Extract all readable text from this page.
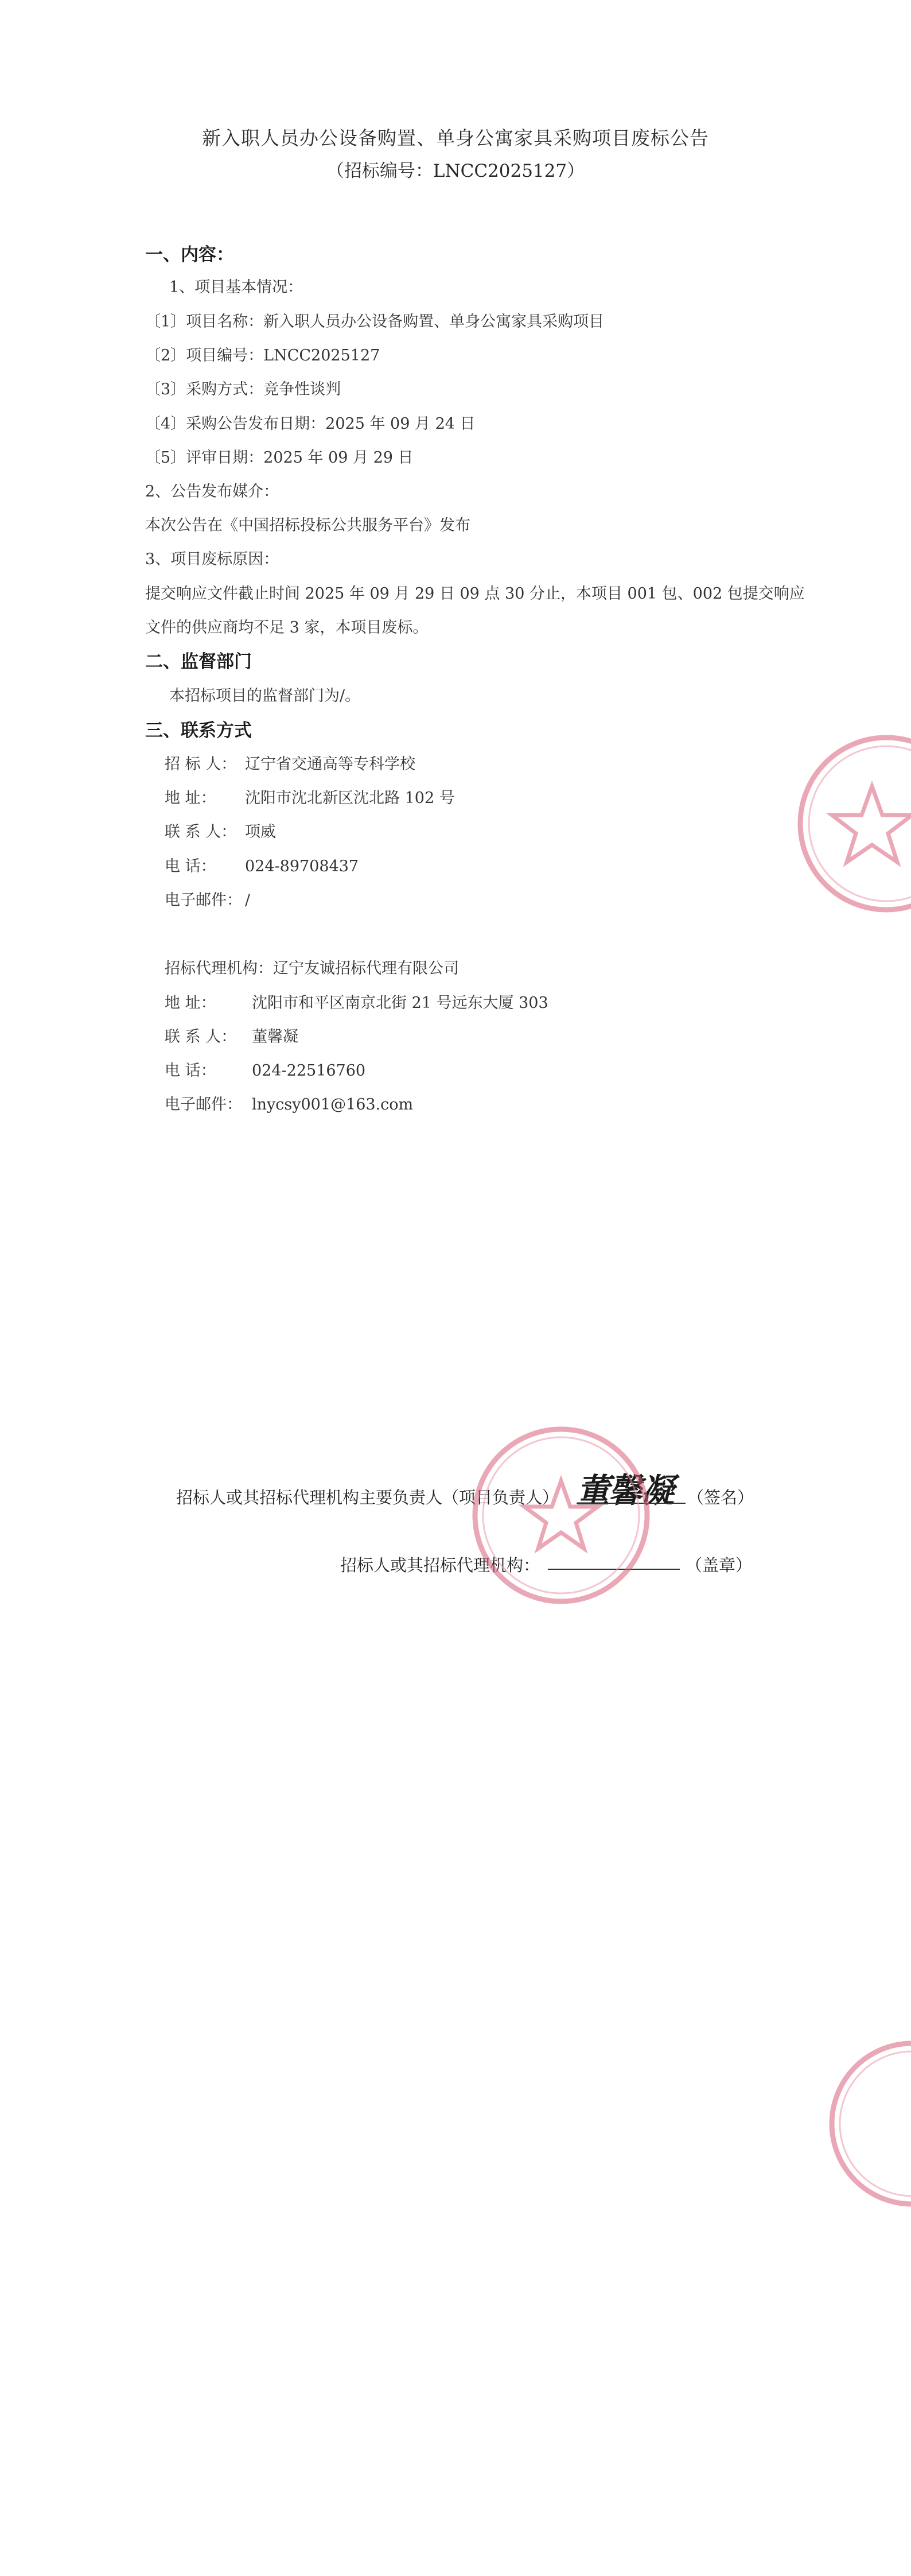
新入职人员办公设备购置、单身公寓家具采购项目废标公告
（招标编号：LNCC2025127）
一、内容：
1、项目基本情况：
〔1〕项目名称：新入职人员办公设备购置、单身公寓家具采购项目
〔2〕项目编号：LNCC2025127
〔3〕采购方式：竞争性谈判
〔4〕采购公告发布日期：2025 年 09 月 24 日
〔5〕评审日期：2025 年 09 月 29 日
2、公告发布媒介：
本次公告在《中国招标投标公共服务平台》发布
3、项目废标原因：
提交响应文件截止时间 2025 年 09 月 29 日 09 点 30 分止，本项目 001 包、002 包提交响应
文件的供应商均不足 3 家，本项目废标。
二、监督部门
本招标项目的监督部门为/。
三、联系方式
招 标 人： 辽宁省交通高等专科学校
地 址： 沈阳市沈北新区沈北路 102 号
联 系 人： 项威
电 话： 024-89708437
电子邮件： /
招标代理机构：辽宁友诚招标代理有限公司
地 址： 沈阳市和平区南京北街 21 号远东大厦 303
联 系 人： 董馨凝
电 话： 024-22516760
电子邮件： lnycsy001@163.com
招标人或其招标代理机构主要负责人（项目负责人） 董馨凝 （签名）
招标人或其招标代理机构：	（盖章）
